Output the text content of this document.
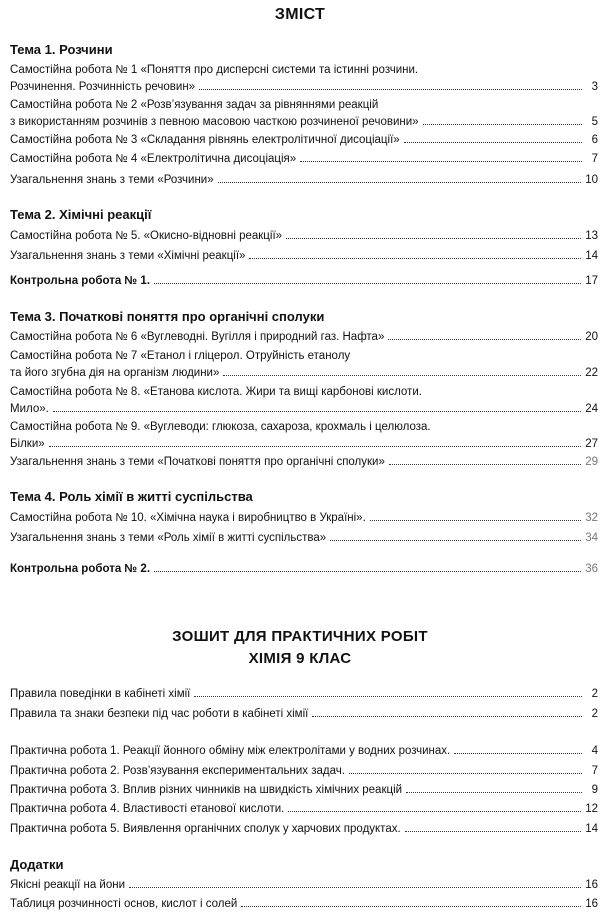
ЗМІСТ
Тема 1. Розчини
Самостійна робота № 1 «Поняття про дисперсні системи та істинні розчини.
Розчинення. Розчинність речовин»	3
Самостійна робота № 2 «Розв’язування задач за рівняннями реакцій
з використанням розчинів з певною масовою часткою розчиненої речовини»	5
Самостійна робота № 3 «Складання рівнянь електролітичної дисоціації»	6
Самостійна робота № 4 «Електролітична дисоціація»	7
Узагальнення знань з теми «Розчини»	10
Тема 2. Хімічні реакції
Самостійна робота № 5. «Окисно-відновні реакції»	13
Узагальнення знань з теми «Хімічні реакції»	14
Контрольна робота № 1.	17
Тема 3. Початкові поняття про органічні сполуки
Самостійна робота № 6 «Вуглеводні. Вугілля і природний газ. Нафта»	20
Самостійна робота № 7 «Етанол і гліцерол. Отруйність етанолу
та його згубна дія на організм людини»	22
Самостійна робота № 8. «Етанова кислота. Жири та вищі карбонові кислоти.
Мило».	24
Самостійна робота № 9. «Вуглеводи: глюкоза, сахароза, крохмаль і целюлоза.
Білки»	27
Узагальнення знань з теми «Початкові поняття про органічні сполуки»	29
Тема 4. Роль хімії в житті суспільства
Самостійна робота № 10. «Хімічна наука і виробництво в Україні».	32
Узагальнення знань з теми «Роль хімії в житті суспільства»	34
Контрольна робота № 2.	36
ЗОШИТ ДЛЯ ПРАКТИЧНИХ РОБІТ
ХІМІЯ 9 КЛАС
Правила поведінки в кабінеті хімії	2
Правила та знаки безпеки під час роботи в кабінеті хімії	2
Практична робота 1. Реакції йонного обміну між електролітами у водних розчинах.	4
Практична робота 2. Розв’язування експериментальних задач.	7
Практична робота 3. Вплив різних чинників на швидкість хімічних реакцій	9
Практична робота 4. Властивості етанової кислоти.	12
Практична робота 5. Виявлення органічних сполук у харчових продуктах.	14
Додатки
Якісні реакції на йони	16
Таблиця розчинності основ, кислот і солей	16
